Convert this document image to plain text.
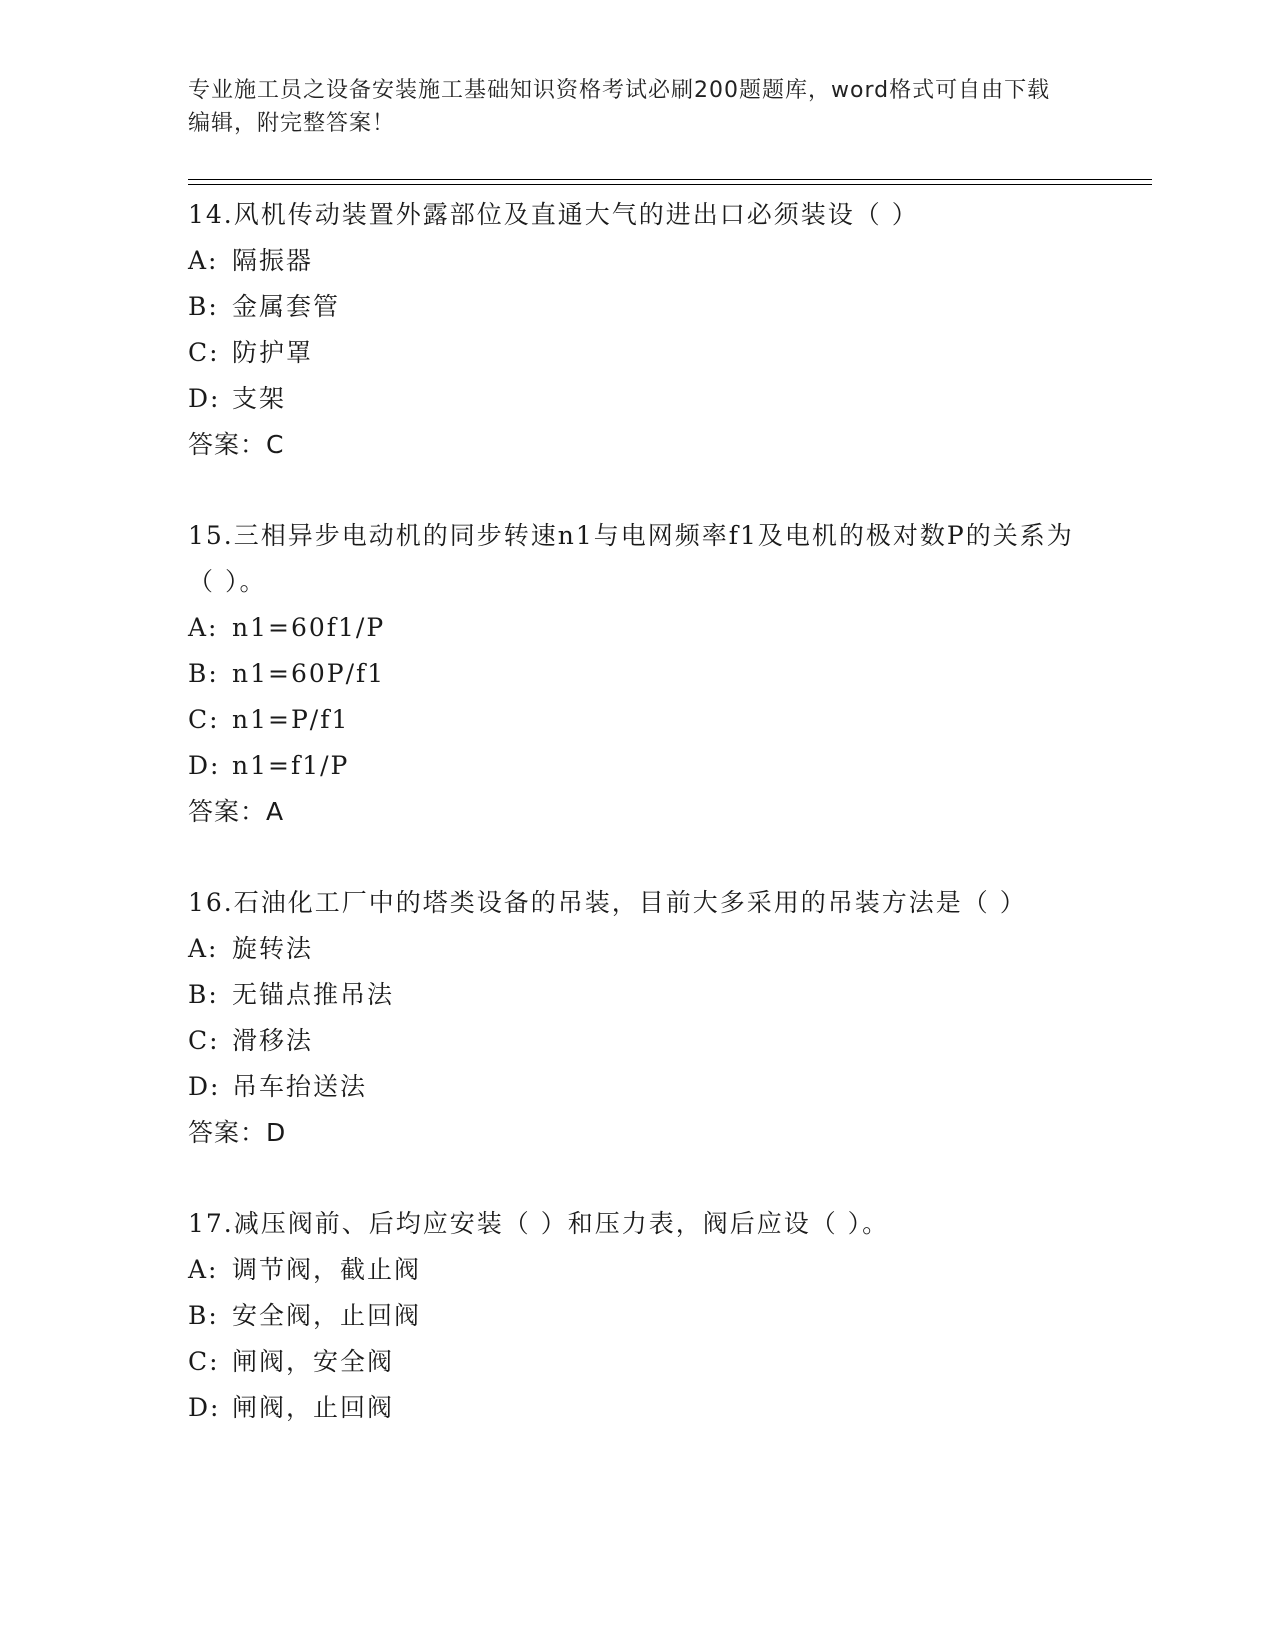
专业施工员之设备安装施工基础知识资格考试必刷200题题库，word格式可自由下载编辑，附完整答案！
14.风机传动装置外露部位及直通大气的进出口必须装设（ ）
A: 隔振器
B: 金属套管
C: 防护罩
D: 支架
答案：C
15.三相异步电动机的同步转速n1与电网频率f1及电机的极对数P的关系为（ ）。
A: n1=60f1/P
B: n1=60P/f1
C: n1=P/f1
D: n1=f1/P
答案：A
16.石油化工厂中的塔类设备的吊装，目前大多采用的吊装方法是（ ）
A: 旋转法
B: 无锚点推吊法
C: 滑移法
D: 吊车抬送法
答案：D
17.减压阀前、后均应安装（ ）和压力表，阀后应设（ ）。
A: 调节阀，截止阀
B: 安全阀，止回阀
C: 闸阀，安全阀
D: 闸阀，止回阀
